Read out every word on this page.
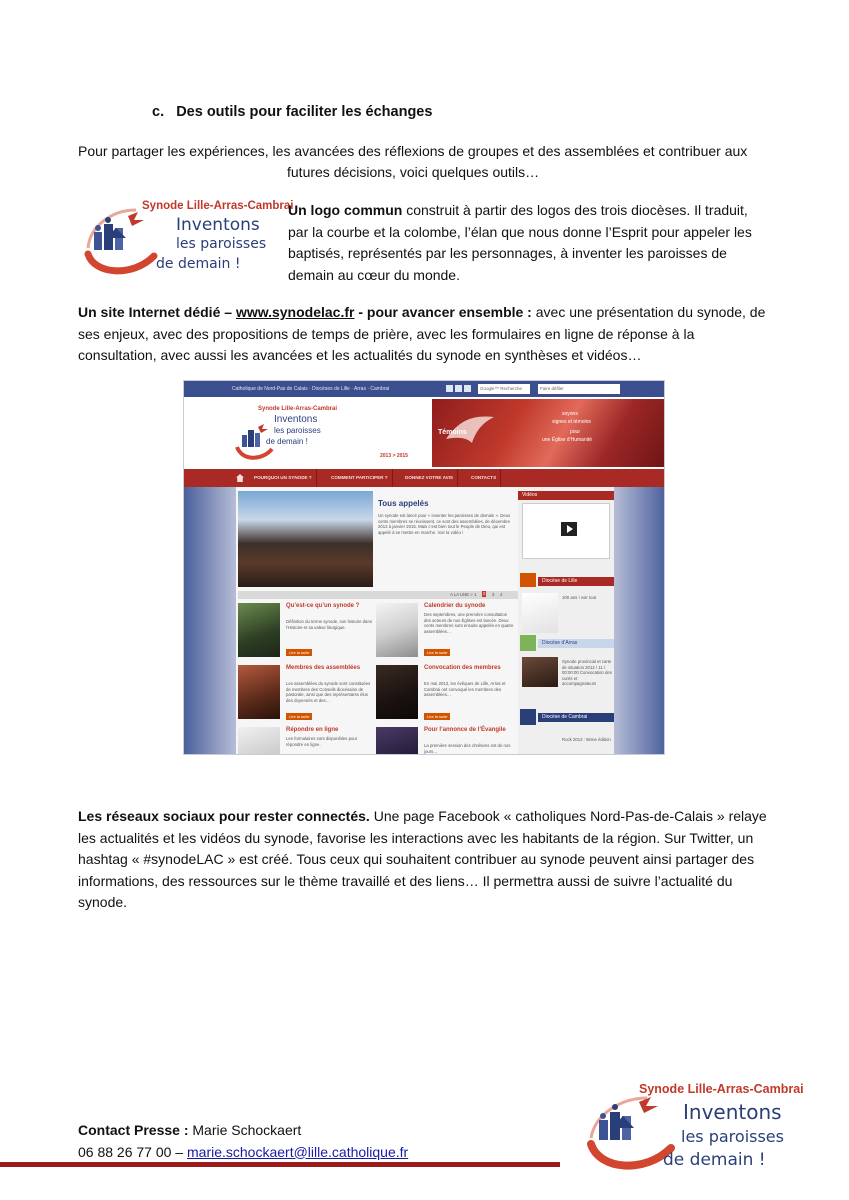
c. Des outils pour faciliter les échanges
Pour partager les expériences, les avancées des réflexions de groupes et des assemblées et contribuer aux
futures décisions, voici quelques outils…
Synode Lille-Arras-Cambrai
Inventons
les paroisses
de demain !
Un logo commun construit à partir des logos des trois diocèses. Il traduit,
par la courbe et la colombe, l’élan que nous donne l’Esprit pour appeler les
baptisés, représentés par les personnages, à inventer les paroisses de
demain au cœur du monde.
Un site Internet dédié – www.synodelac.fr - pour avancer ensemble : avec une présentation du synode, de
ses enjeux, avec des propositions de temps de prière, avec les formulaires en ligne de réponse à la
consultation, avec aussi les avancées et les actualités du synode en synthèses et vidéos…
Catholique de Nord-Pas de Calais · Diocèses de Lille · Arras · Cambrai	Google™ Recherche	Faire défiler
Synode Lille-Arras-Cambrai
Inventons
les paroisses
de demain !
2013 > 2015
Témoins
soyons
signes et témoins
pour
une Église d’Humanité
POURQUOI UN SYNODE ?	COMMENT PARTICIPER ?	DONNEZ VOTRE AVIS	CONTACTS
Tous appelés
Un synode est lancé pour « inventer les paroisses de demain ». Deux cents membres se réunissent, ce sont des assemblées, de décembre 2013 à janvier 2015. Mais c’est bien tout le Peuple de Dieu, qui est appelé à se mettre en marche. Voir la vidéo !
A LA UNE » 1 2 3 4
Qu’est-ce qu’un synode ?
Définition du terme synode, son histoire dans l’Histoire et sa valeur liturgique.
Lire la suite
Calendrier du synode
Des septembres, une première consultation des acteurs de nos Églises est lancée. Deux cents membres sont ensuite appelés en quatre assemblées…
Lire la suite
Membres des assemblées
Les assemblées du synode sont constituées de membres des Conseils diocésains de pastorale, ainsi que des représentants élus des doyennés et des…
Lire la suite
Convocation des membres
En mai 2013, les évêques de Lille, Arras et Cambrai ont convoqué les membres des assemblées…
Lire la suite
Répondre en ligne
Les formulaires sont disponibles pour répondre en ligne.
Pour l’annonce de l’Évangile
La première session des chrétiens est de nos jours…
Vidéos
Diocèse de Lille
100 ans ! voir tout
Diocèse d’Arras
Synode provincial et carte de situation 2012 / 11 / 00:00:00 Convocation des curés et accompagnateurs
Diocèse de Cambrai
Rock 2013 : 9ème édition
Les réseaux sociaux pour rester connectés. Une page Facebook « catholiques Nord-Pas-de-Calais » relaye
les actualités et les vidéos du synode, favorise les interactions avec les habitants de la région. Sur Twitter, un
hashtag « #synodeLAC » est créé. Tous ceux qui souhaitent contribuer au synode peuvent ainsi partager des
informations, des ressources sur le thème travaillé et des liens… Il permettra aussi de suivre l’actualité du
synode.
Synode Lille-Arras-Cambrai
Inventons
les paroisses
de demain !
Contact Presse : Marie Schockaert
06 88 26 77 00 – marie.schockaert@lille.catholique.fr
